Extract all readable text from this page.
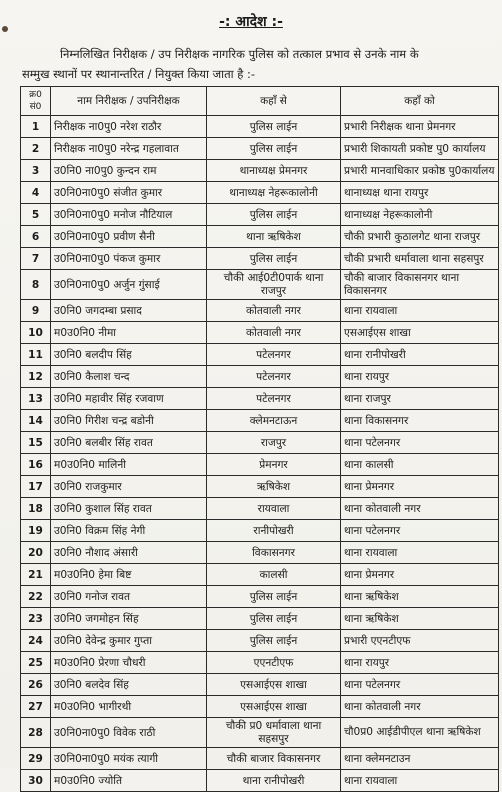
-: आदेश :-
निम्नलिखित निरीक्षक / उप निरीक्षक नागरिक पुलिस को तत्काल प्रभाव से उनके नाम के
सम्मुख स्थानों पर स्थानान्तरित / नियुक्त किया जाता है :-
क्र0 सं0	नाम निरीक्षक / उपनिरीक्षक	कहाँ से	कहाँ को
1	निरीक्षक ना0पु0 नरेश राठौर	पुलिस लाईन	प्रभारी निरीक्षक थाना प्रेमनगर
2	निरीक्षक ना0पु0 नरेन्द्र गहलावात	पुलिस लाईन	प्रभारी शिकायती प्रकोष्ट पु0 कार्यालय
3	उ0नि0 ना0पु0 कुन्दन राम	थानाध्यक्ष प्रेमनगर	प्रभारी मानवाधिकार प्रकोष्ठ पु0कार्यालय
4	उ0नि0ना0पु0 संजीत कुमार	थानाध्यक्ष नेहरूकालोनी	थानाध्यक्ष थाना रायपुर
5	उ0नि0ना0पु0 मनोज नौटियाल	पुलिस लाईन	थानाध्यक्ष नेहरूकालोनी
6	उ0नि0ना0पु0 प्रवीण सैनी	थाना ऋषिकेश	चौकी प्रभारी कुठालगेट थाना राजपुर
7	उ0नि0ना0पु0 पंकज कुमार	पुलिस लाईन	चौकी प्रभारी धर्मावाला थाना सहसपुर
8	उ0नि0ना0पु0 अर्जुन गुंसाई	चौकी आई0टी0पार्क थाना राजपुर	चौकी बाजार विकासनगर थाना विकासनगर
9	उ0नि0 जगदम्बा प्रसाद	कोतवाली नगर	थाना रायवाला
10	म0उ0नि0 नीमा	कोतवाली नगर	एसआईएस शाखा
11	उ0नि0 बलदीप सिंह	पटेलनगर	थाना रानीपोखरी
12	उ0नि0 कैलाश चन्द	पटेलनगर	थाना रायपुर
13	उ0नि0 महावीर सिंह रजवाण	पटेलनगर	थाना राजपुर
14	उ0नि0 गिरीश चन्द्र बडोनी	क्लेमनटाऊन	थाना विकासनगर
15	उ0नि0 बलबीर सिंह रावत	राजपुर	थाना पटेलनगर
16	म0उ0नि0 मालिनी	प्रेमनगर	थाना कालसी
17	उ0नि0 राजकुमार	ऋषिकेश	थाना प्रेमनगर
18	उ0नि0 कुशाल सिंह रावत	रायवाला	थाना कोतवाली नगर
19	उ0नि0 विक्रम सिंह नेगी	रानीपोखरी	थाना पटेलनगर
20	उ0नि0 नौशाद अंसारी	विकासनगर	थाना रायवाला
21	म0उ0नि0 हेमा बिष्ट	कालसी	थाना प्रेमनगर
22	उ0नि0 गनोज रावत	पुलिस लाईन	थाना ऋषिकेश
23	उ0नि0 जगमोहन सिंह	पुलिस लाईन	थाना ऋषिकेश
24	उ0नि0 देवेन्द्र कुमार गुप्ता	पुलिस लाईन	प्रभारी एएनटीएफ
25	म0उ0नि0 प्रेरणा चौधरी	एएनटीएफ	थाना रायपुर
26	उ0नि0 बलदेव सिंह	एसआईएस शाखा	थाना पटेलनगर
27	म0उ0नि0 भागीरथी	एसआईएस शाखा	थाना कोतवाली नगर
28	उ0नि0ना0पु0 विवेक राठी	चौकी प्र0 धर्मावाला थाना सहसपुर	चौ0प्र0 आईडीपीएल थाना ऋषिकेश
29	उ0नि0ना0पु0 मयंक त्यागी	चौकी बाजार विकासनगर	थाना क्लेमनटाउन
30	म0उ0नि0 ज्योति	थाना रानीपोखरी	थाना रायवाला
